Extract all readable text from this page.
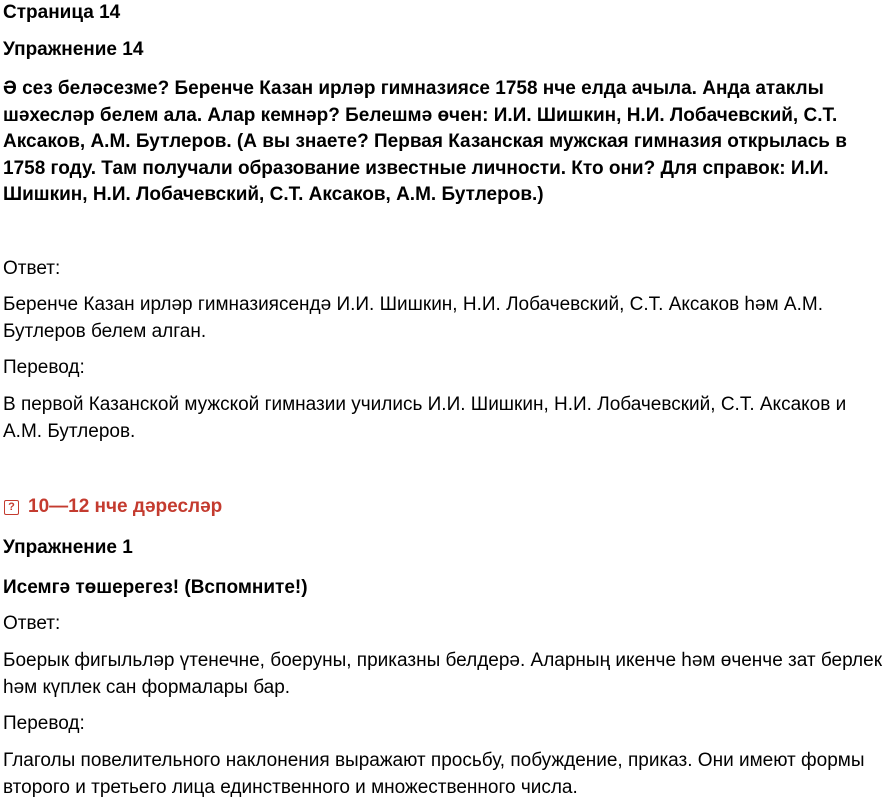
Страница 14

Упражнение 14

Ә сез беләсезме? Беренче Казан ирләр гимназиясе 1758 нче елда ачыла. Анда атаклы шәхесләр белем ала. Алар кемнәр? Белешмә өчен: И.И. Шишкин, Н.И. Лобачевский, С.Т. Аксаков, А.М. Бутлеров. (А вы знаете? Первая Казанская мужская гимназия открылась в 1758 году. Там получали образование известные личности. Кто они? Для справок: И.И. Шишкин, Н.И. Лобачевский, С.Т. Аксаков, А.М. Бутлеров.)

Ответ:

Беренче Казан ирләр гимназиясендә И.И. Шишкин, Н.И. Лобачевский, С.Т. Аксаков һәм А.М. Бутлеров белем алган.

Перевод:

В первой Казанской мужской гимназии учились И.И. Шишкин, Н.И. Лобачевский, С.Т. Аксаков и А.М. Бутлеров.

? 10—12 нче дәресләр

Упражнение 1

Исемгә төшерегез! (Вспомните!)

Ответ:

Боерык фигыльләр үтенечне, боеруны, приказны белдерә. Аларның икенче һәм өченче зат берлек һәм күплек сан формалары бар.

Перевод:

Глаголы повелительного наклонения выражают просьбу, побуждение, приказ. Они имеют формы второго и третьего лица единственного и множественного числа.
